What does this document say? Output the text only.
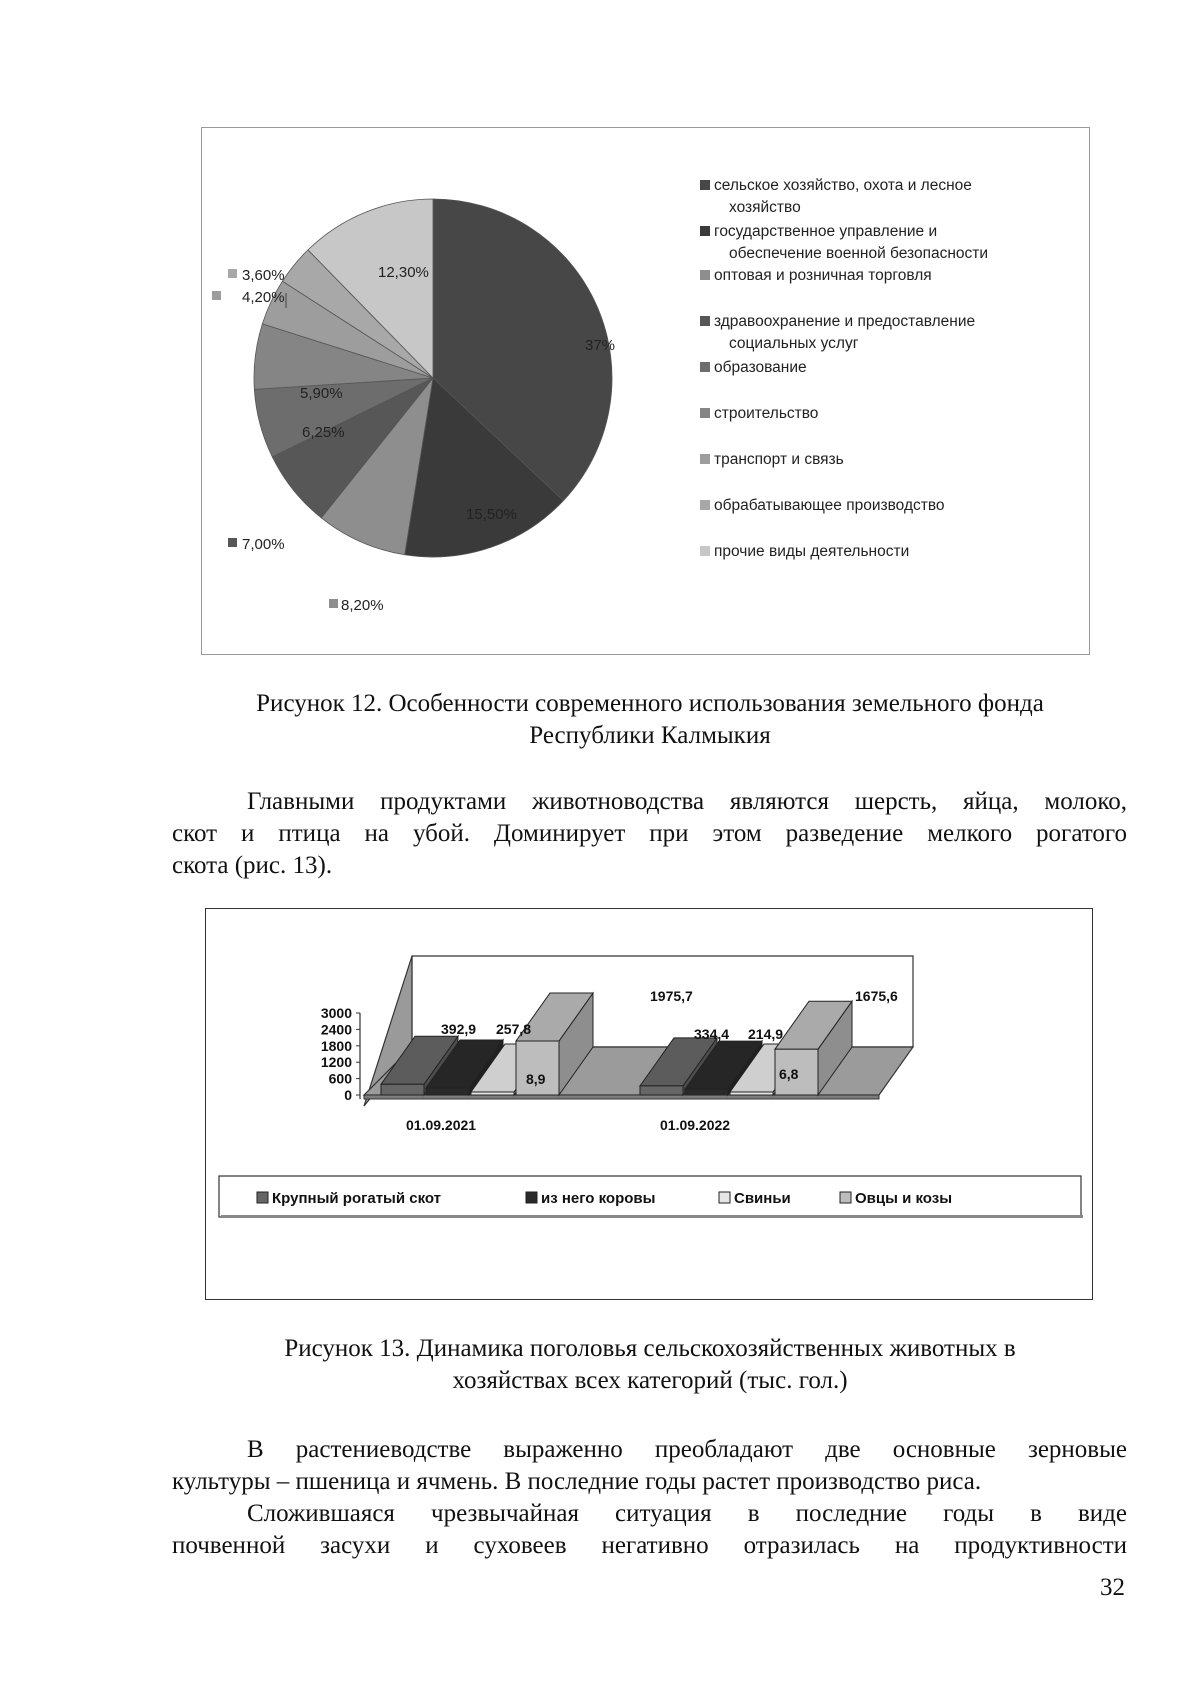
37%
15,50%
8,20%
7,00%
6,25%
5,90%
4,20%
3,60%	12,30%
сельское хозяйство, охота и лесное хозяйство
государственное управление и обеспечение военной безопасности
оптовая и розничная торговля
здравоохранение и предоставление социальных услуг
образование
строительство
транспорт и связь
обрабатывающее производство
прочие виды деятельности
Рисунок 12. Особенности современного использования земельного фонда
Республики Калмыкия
Главными продуктами животноводства являются шерсть, яйца, молоко,
скот и птица на убой. Доминирует при этом разведение мелкого рогатого
скота (рис. 13).
3000
2400
1800
1200
600
0
392,9 257,8
8,9
1975,7
334,4 214,9
6,8
1675,6
01.09.2021	01.09.2022
Крупный рогатый скот	из него коровы	Свиньи	Овцы и козы
Рисунок 13. Динамика поголовья сельскохозяйственных животных в
хозяйствах всех категорий (тыс. гол.)
В растениеводстве выраженно преобладают две основные зерновые
культуры – пшеница и ячмень. В последние годы растет производство риса.
Сложившаяся чрезвычайная ситуация в последние годы в виде
почвенной засухи и суховеев негативно отразилась на продуктивности
32
